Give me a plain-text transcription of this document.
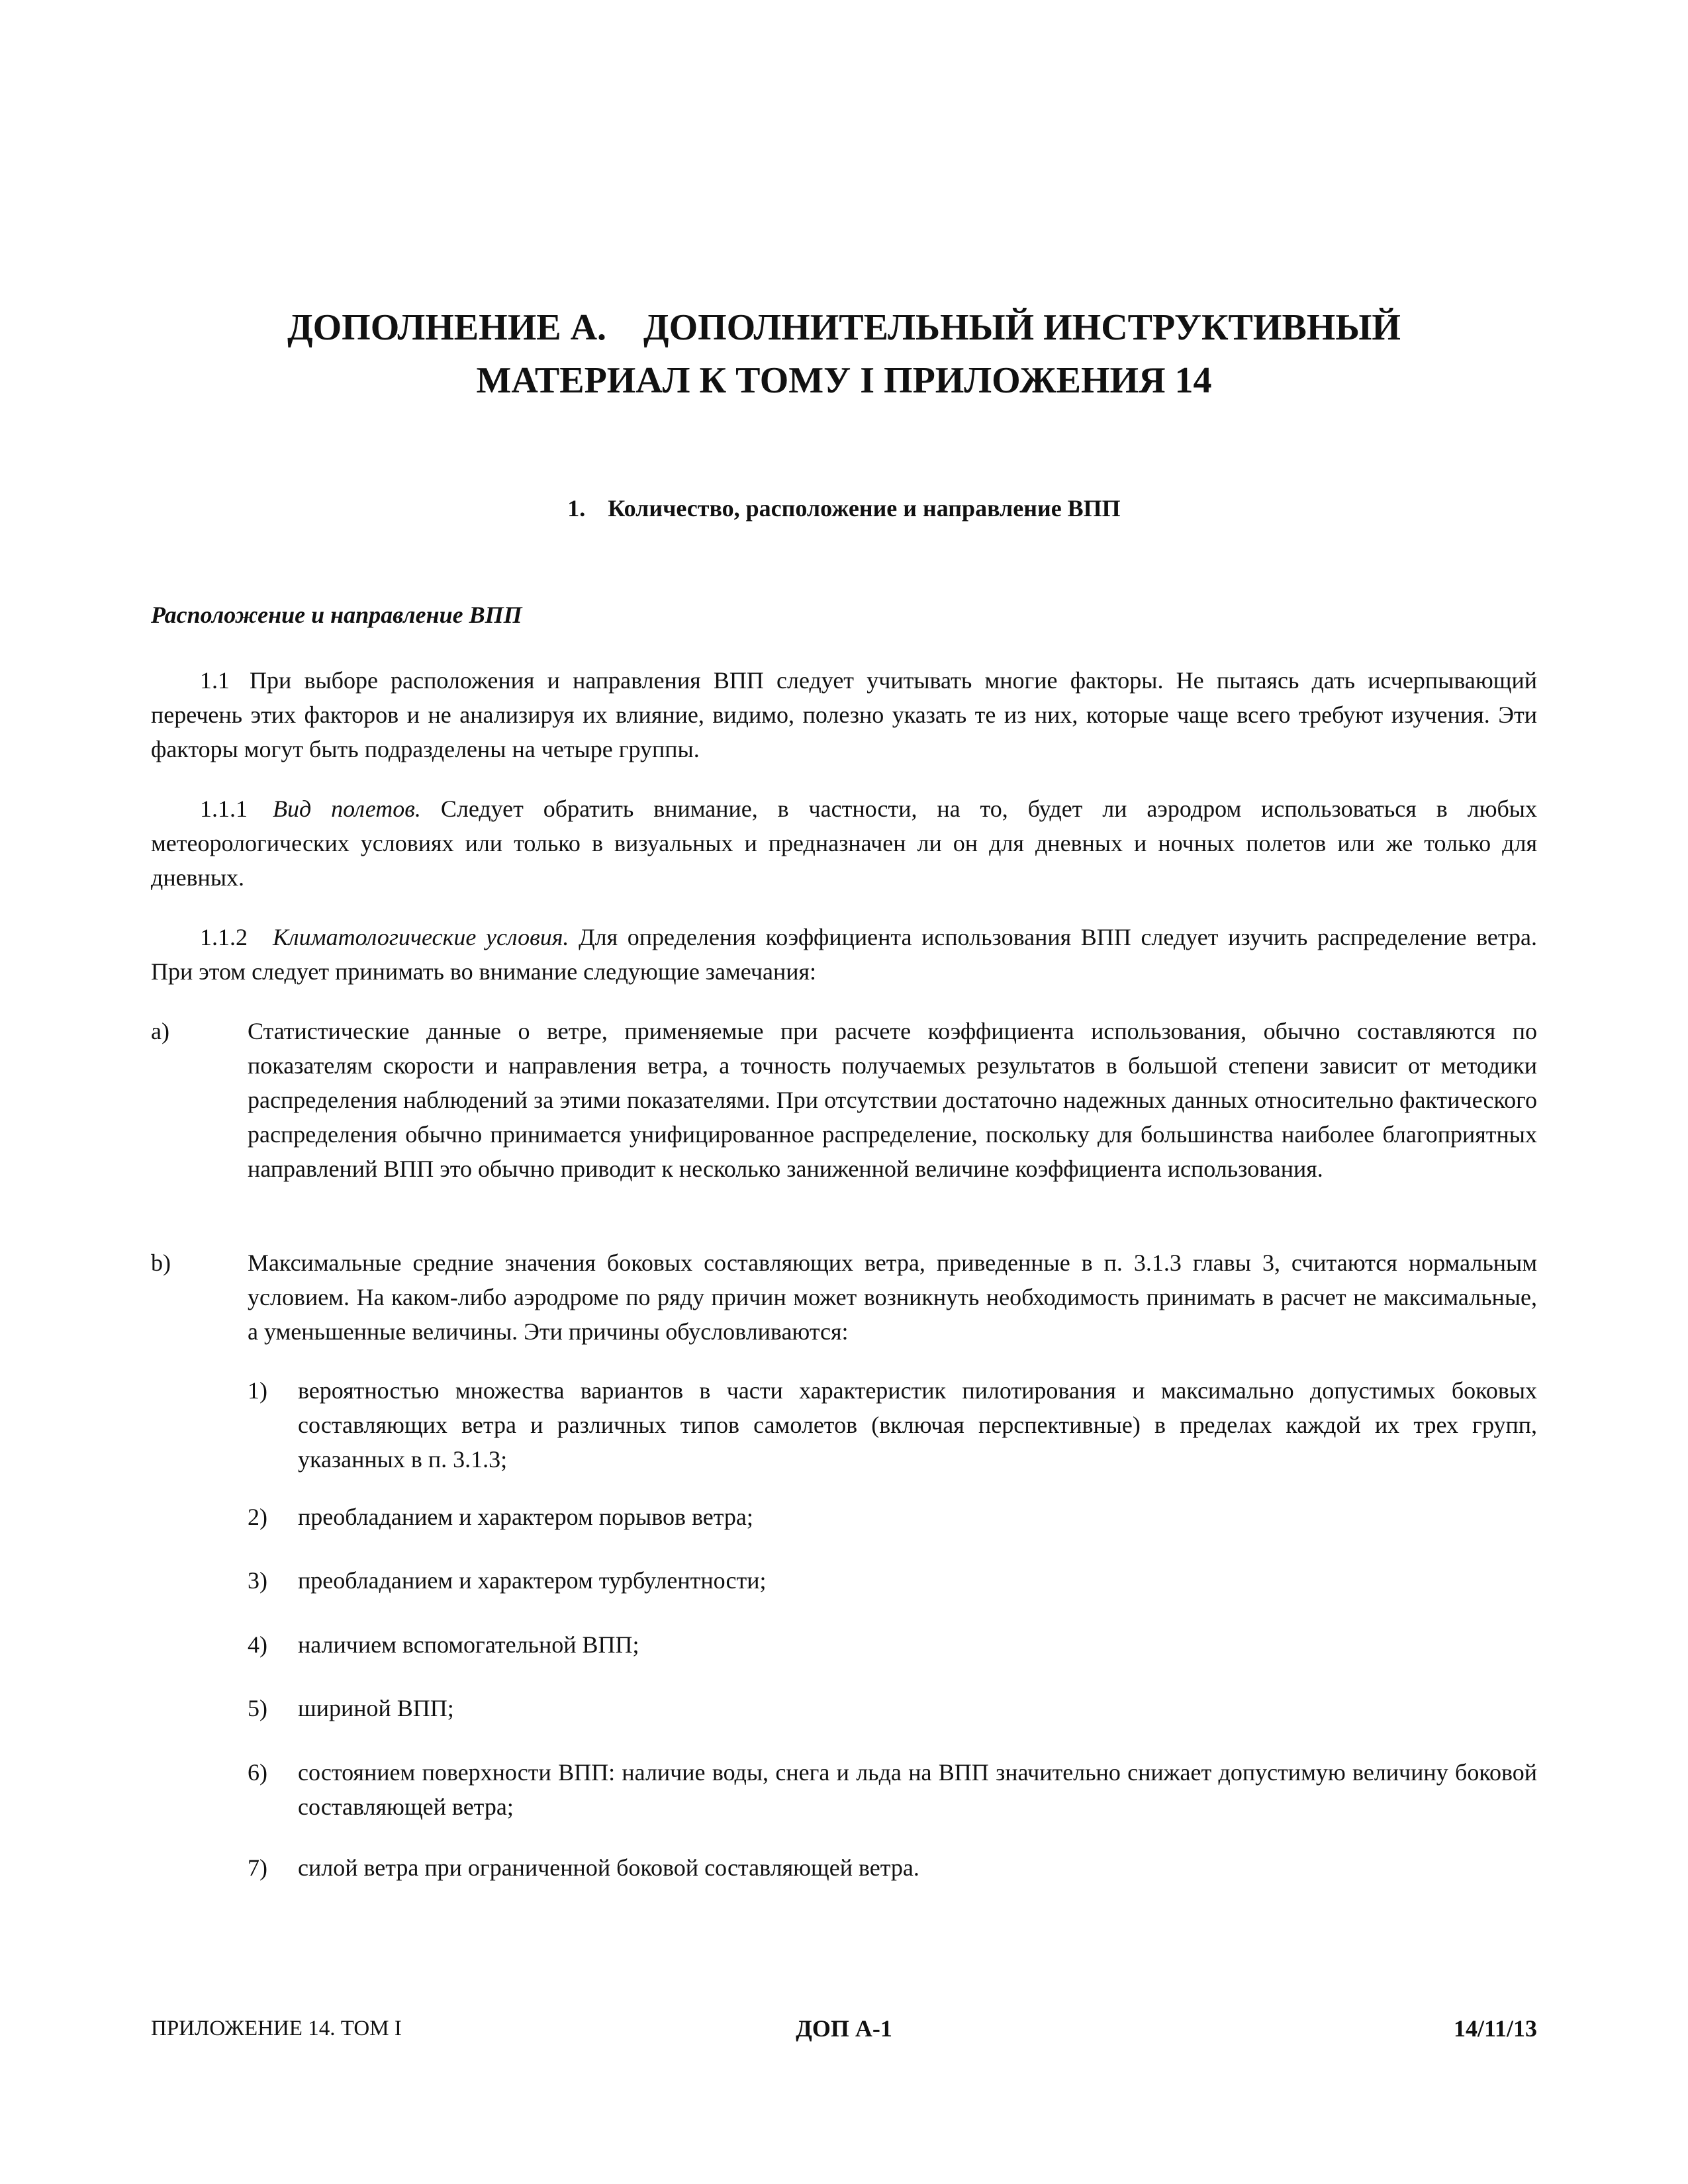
ДОПОЛНЕНИЕ A.    ДОПОЛНИТЕЛЬНЫЙ ИНСТРУКТИВНЫЙ
МАТЕРИАЛ К ТОМУ I ПРИЛОЖЕНИЯ 14
1. Количество, расположение и направление ВПП
Расположение и направление ВПП
1.1 При выборе расположения и направления ВПП следует учитывать многие факторы. Не пытаясь дать исчерпывающий перечень этих факторов и не анализируя их влияние, видимо, полезно указать те из них, которые чаще всего требуют изучения. Эти факторы могут быть подразделены на четыре группы.
1.1.1 Вид полетов. Следует обратить внимание, в частности, на то, будет ли аэродром использоваться в любых метеорологических условиях или только в визуальных и предназначен ли он для дневных и ночных полетов или же только для дневных.
1.1.2 Климатологические условия. Для определения коэффициента использования ВПП следует изучить распределение ветра. При этом следует принимать во внимание следующие замечания:
a)	Статистические данные о ветре, применяемые при расчете коэффициента использования, обычно составляются по показателям скорости и направления ветра, а точность получаемых результатов в большой степени зависит от методики распределения наблюдений за этими показателями. При отсутствии достаточно надежных данных относительно фактического распределения обычно принимается унифицированное распределение, поскольку для большинства наиболее благоприятных направлений ВПП это обычно приводит к несколько заниженной величине коэффициента использования.
b)	Максимальные средние значения боковых составляющих ветра, приведенные в п. 3.1.3 главы 3, считаются нормальным условием. На каком-либо аэродроме по ряду причин может возникнуть необходимость принимать в расчет не максимальные, а уменьшенные величины. Эти причины обусловливаются:
1) вероятностью множества вариантов в части характеристик пилотирования и максимально допустимых боковых составляющих ветра и различных типов самолетов (включая перспективные) в пределах каждой их трех групп, указанных в п. 3.1.3;
2) преобладанием и характером порывов ветра;
3) преобладанием и характером турбулентности;
4) наличием вспомогательной ВПП;
5) шириной ВПП;
6) состоянием поверхности ВПП: наличие воды, снега и льда на ВПП значительно снижает допустимую величину боковой составляющей ветра;
7) силой ветра при ограниченной боковой составляющей ветра.
ПРИЛОЖЕНИЕ 14. ТОМ I	ДОП A-1	14/11/13
